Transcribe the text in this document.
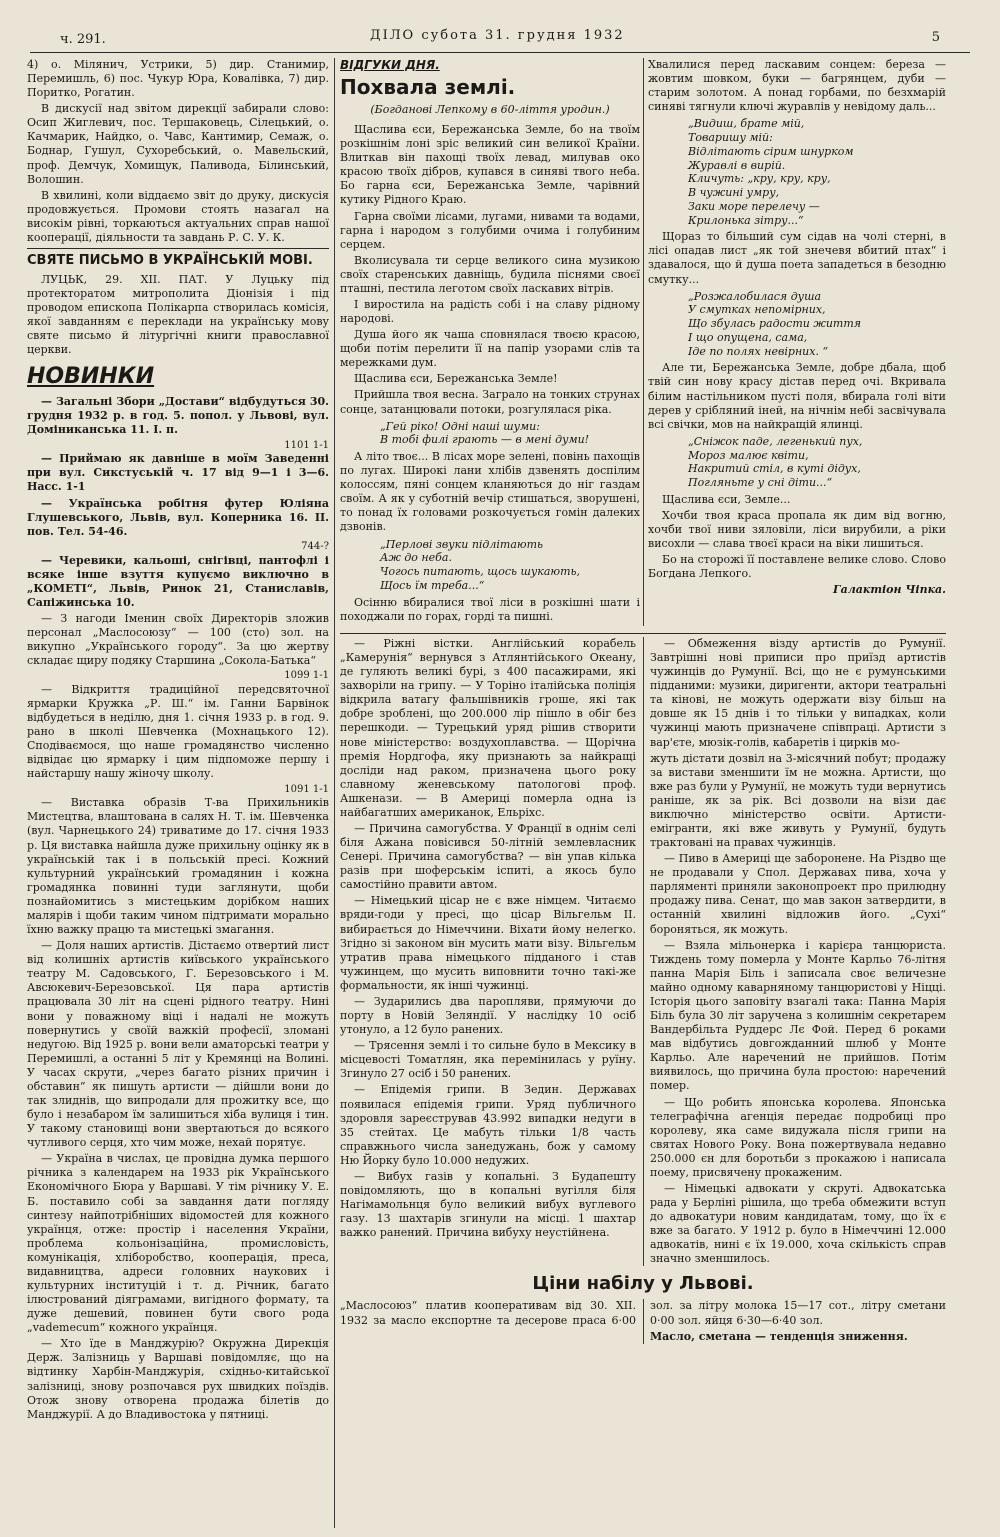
ч. 291.	ДІЛО субота 31. грудня 1932	5

4) о. Мілянич, Устрики, 5) дир. Станимир, Перемишль, 6) пос. Чукур Юра, Ковалівка, 7) дир. Поритко, Рогатин.

В дискусії над звітом дирекції забирали слово: Осип Жиглевич, пос. Тершаковець, Сілецький, о. Качмарик, Найдко, о. Чавс, Кантимир, Семаж, о. Боднар, Гушул, Сухоребський, о. Мавельский, проф. Демчук, Хомищук, Паливода, Білинський, Волошин.

В хвилині, коли віддаємо звіт до друку, дискусія продовжується. Промови стоять назагал на високім рівні, торкаються актуальних справ нашої кооперації, діяльности та завдань Р. С. У. К.

СВЯТЕ ПИСЬМО В УКРАЇНСЬКІЙ МОВІ.

ЛУЦЬК, 29. XII. ПАТ. У Луцьку під протекторатом митрополита Діонізія і під проводом епископа Полікарпа створилась комісія, якої завданням є переклади на українську мову святе письмо й літургічні книги православної церкви.

НОВИНКИ

— Загальні Збори „Достави“ відбудуться 30. грудня 1932 р. в год. 5. попол. у Львові, вул. Доміниканська 11. І. п.

1101 1-1

— Приймаю як давніше в моїм Заведенні при вул. Сикстуській ч. 17 від 9—1 і 3—6. Насс. 1-1

— Українська робітня футер Юліяна Глушевського, Львів, вул. Коперника 16. II. пов. Тел. 54-46.

744-?

— Черевики, кальоші, снігівці, пантофлі і всяке інше взуття купуємо виключно в „КОМЕТІ“, Львів, Ринок 21, Станиславів, Сапіжинська 10.

— З нагоди Іменин своїх Директорів зложив персонал „Маслосоюзу“ — 100 (сто) зол. на викупно „Українського городу“. За цю жертву складає щиру подяку Старшина „Сокола-Батька“

1099 1-1

— Відкриття традиційної передсвяточної ярмарки Кружка „Р. Ш.“ ім. Ганни Барвінок відбудеться в неділю, дня 1. січня 1933 р. в год. 9. рано в школі Шевченка (Мохнацького 12). Сподіваємося, що наше громадянство численно відвідає цю ярмарку і цим підпоможе першу і найстаршу нашу жіночу школу.

1091 1-1

— Виставка образів Т-ва Прихильників Мистецтва, влаштована в салях Н. Т. ім. Шевченка (вул. Чарнецького 24) триватиме до 17. січня 1933 р. Ця виставка найшла дуже прихильну оцінку як в українській так і в польській пресі. Кожний культурний український громадянин і кожна громадянка повинні туди заглянути, щоби познайомитись з мистецьким дорібком наших малярів і щоби таким чином підтримати морально їхню важку працю та мистецькі змагання.

— Доля наших артистів. Дістаємо отвертий лист від колишніх артистів київського українського театру М. Садовського, Г. Березовського і М. Авсюкевич-Березовської. Ця пара артистів працювала 30 літ на сцені рідного театру. Нині вони у поважному віці і надалі не можуть повернутись у своїй важкій професії, зломані недугою. Від 1925 р. вони вели аматорські театри у Перемишлі, а останні 5 літ у Кремянці на Волині. У часах скрути, „через багато різних причин і обставин“ як пишуть артисти — дійшли вони до так злиднів, що випродали для прожитку все, що було і незабаром їм залишиться хіба вулиця і тин. У такому становищі вони звертаються до всякого чутливого серця, хто чим може, нехай порятує.

— Україна в числах, це провідна думка першого річника з календарем на 1933 рік Українського Економічного Бюра у Варшаві. У тім річнику У. Е. Б. поставило собі за завдання дати погляду синтезу найпотрібніших відомостей для кожного українця, отже: простір і населення України, проблема кольонізаційна, промисловість, комунікація, хліборобство, кооперація, преса, видавництва, адреси головних наукових і культурних інституцій і т. д. Річник, багато ілюстрований діяграмами, вигідного формату, та дуже дешевий, повинен бути свого рода „vademecum“ кожного українця.

— Хто їде в Манджурію? Окружна Дирекція Держ. Залізниць у Варшаві повідомляє, що на відтинку Харбін-Манджурія, східньо-китайської залізниці, знову розпочався рух швидких поїздів. Отож знову отворена продажа білетів до Манджурії. А до Владивостока у пятниці.

ВІДГУКИ ДНЯ.
Похвала землі.
(Богданові Лепкому в 60-ліття уродин.)

Щаслива єси, Бережанська Земле, бо на твоїм розкішнім лоні зріс великий син великої Країни. Влиткав він пахощі твоїх левад, милував око красою твоїх дібров, купався в синяві твого неба. Бо гарна єси, Бережанська Земле, чарівний кутику Рідного Краю.

Гарна своїми лісами, лугами, нивами та водами, гарна і народом з голубими очима і голубиним серцем.

Вколисувала ти серце великого сина музикою своїх старенських давніщь, будила піснями своєї пташні, пестила леготом своїх ласкавих вітрів.

І виростила на радість собі і на славу рідному народові.

Душа його як чаша сповнялася твоєю красою, щоби потім перелити її на папір узорами слів та мережками дум.

Щаслива єси, Бережанська Земле!

Прийшла твоя весна. Заграло на тонких струнах сонце, затанцювали потоки, розгулялася ріка.

„Гей ріко! Одні наші шуми:
В тобі филі грають — в мені думи!

А літо твоє... В лісах море зелені, повінь пахощів по лугах. Широкі лани хлібів дзвенять доспілим колоссям, пяні сонцем кланяються до ніг газдам своїм. А як у суботній вечір стишаться, зворушені, то понад їх головами розкочується гомін далеких дзвонів.

„Перлові звуки підлітають
Аж до неба.
Чогось питають, щось шукають,
Щось їм треба...“

Осінню вбиралися твої ліси в розкішні шати і походжали по горах, горді та пишні.

Хвалилися перед ласкавим сонцем: береза — жовтим шовком, буки — багрянцем, дуби — старим золотом. А понад горбами, по безхмарій синяві тягнули ключі журавлів у невідому даль...

„Видиш, брате мій,
Товаришу мій:
Відлітають сірим шнурком
Журавлі в вирій.
Кличуть: „кру, кру, кру,
В чужині умру,
Заки море перелечу —
Крилонька зітру...“

Щораз то більший сум сідав на чолі стерні, в лісі опадав лист „як той знечевя вбитий птах“ і здавалося, що й душа поета западеться в безодню смутку...

„Розжалобилася душа
У смутках непомірних,
Що збулась радости життя
І що опущена, сама,
Іде по полях невірних. “

Але ти, Бережанська Земле, добре дбала, щоб твій син нову красу дістав перед очі. Вкривала білим настільником пусті поля, вбирала голі віти дерев у срібляний іней, на нічнім небі засвічувала всі свічки, мов на найкращій ялинці.

„Сніжок паде, легенький пух,
Мороз малює квіти,
Накритий стіл, в куті дідух,
Погляньте у сні діти...“

Щаслива єси, Земле...

Хочби твоя краса пропала як дим від вогню, хочби твої ниви зяловіли, ліси вирубили, а ріки висохли — слава твоєї краси на віки лишиться.

Бо на сторожі її поставлене велике слово. Слово Богдана Лепкого.

Галактіон Чіпка.

— Ріжні вістки. Англійський корабель „Камерунія“ вернувся з Атлянтійського Океану, де гуляють великі бурі, з 400 пасажирами, які захворіли на грипу. — У Торіно італійська поліція відкрила ватагу фальшівників гроше, які так добре зроблені, що 200.000 лір пішло в обіг без перешкоди. — Турецький уряд рішив створити нове міністерство: воздухоплавства. — Щорічна премія Нордгофа, яку признають за найкращі досліди над раком, призначена цього року славному женевському патологові проф. Ашкенази. — В Америці померла одна із найбагатших американок, Ельріхс.

— Причина самогубства. У Франції в однім селі біля Ажана повісився 50-літній землевласник Сенері. Причина самогубства? — він упав кілька разів при шоферськім іспиті, а якось було самостійно правити автом.

— Німецький цісар не є вже німцем. Читаємо вряди-годи у пресі, що цісар Вільгельм II. вибирається до Німеччини. Віхати йому нелегко. Згідно зі законом він мусить мати візу. Вільгельм утратив права німецького підданого і став чужинцем, що мусить виповнити точно такі-же формальности, як інші чужинці.

— Зударились два паропляви, прямуючи до порту в Новій Зеляндії. У наслідку 10 осіб утонуло, а 12 було ранених.

— Трясення землі і то сильне було в Мексику в місцевості Томатлян, яка перемінилась у руїну. Згинуло 27 осіб і 50 ранених.

— Епідемія грипи. В Зедин. Державах появилася епідемія грипи. Уряд публичного здоровля зареєстрував 43.992 випадки недуги в 35 стейтах. Це мабуть тільки 1/8 часть справжнього числа занедужань, бож у самому Ню Йорку було 10.000 недужих.

— Вибух газів у копальні. З Будапешту повідомляють, що в копальні вугілля біля Нагімамольнця було великий вибух вуглевого газу. 13 шахтарів згинули на місці. 1 шахтар важко ранений. Причина вибуху неустійнена.

— Обмеження візду артистів до Румунії. Завтрішні нові приписи про приїзд артистів чужинців до Румунії. Всі, що не є румунськими підданими: музики, диригенти, актори театральні та кінові, не можуть одержати візу більш на довше як 15 днів і то тільки у випадках, коли чужинці мають призначене співпраці. Артисти з вар'єте, мюзік-голів, кабаретів і цирків мо-

жуть дістати дозвіл на 3-місячний побут; продажу за вистави зменшити їм не можна. Артисти, що вже раз були у Румунії, не можуть туди вернутись раніше, як за рік. Всі дозволи на візи дає виключно міністерство освіти. Артисти-емігранти, які вже живуть у Румунії, будуть трактовані на правах чужинців.

— Пиво в Америці ще заборонене. На Різдво ще не продавали у Спол. Державах пива, хоча у парляменті приняли законопроект про прилюдну продажу пива. Сенат, що мав закон затвердити, в останній хвилині відложив його. „Сухі“ бороняться, як можуть.

— Взяла мільонерка і карієра танцюриста. Тиждень тому померла у Монте Карльо 76-літня панна Марія Біль і записала своє величезне майно одному каварняному танцюристові у Ніцці. Історія цього заповіту взагалі така: Панна Марія Біль була 30 літ заручена з колишнім секретарем Вандербільта Руддерс Лє Фой. Перед 6 роками мав відбутись довгожданний шлюб у Монте Карльо. Але наречений не прийшов. Потім виявилось, що причина була простою: наречений помер.

— Що робить японська королева. Японська телеграфічна агенція передає подробиці про королеву, яка саме видужала після грипи на святах Нового Року. Вона пожертвувала недавно 250.000 єн для боротьби з прокажою і написала поему, присвячену прокаженим.

— Німецькі адвокати у скруті. Адвокатська рада у Берліні рішила, що треба обмежити вступ до адвокатури новим кандидатам, тому, що їх є вже за багато. У 1912 р. було в Німеччині 12.000 адвокатів, нині є їх 19.000, хоча скількість справ значно зменшилось.

Ціни набілу у Львові.

„Маслосоюз“ платив кооперативам від 30. XII. 1932 за масло експортне та десерове праса 6·00 зол. за літру молока 15—17 сот., літру сметани 0·00 зол. яйця 6·30—6·40 зол.

Масло, сметана — тенденція зниження.
